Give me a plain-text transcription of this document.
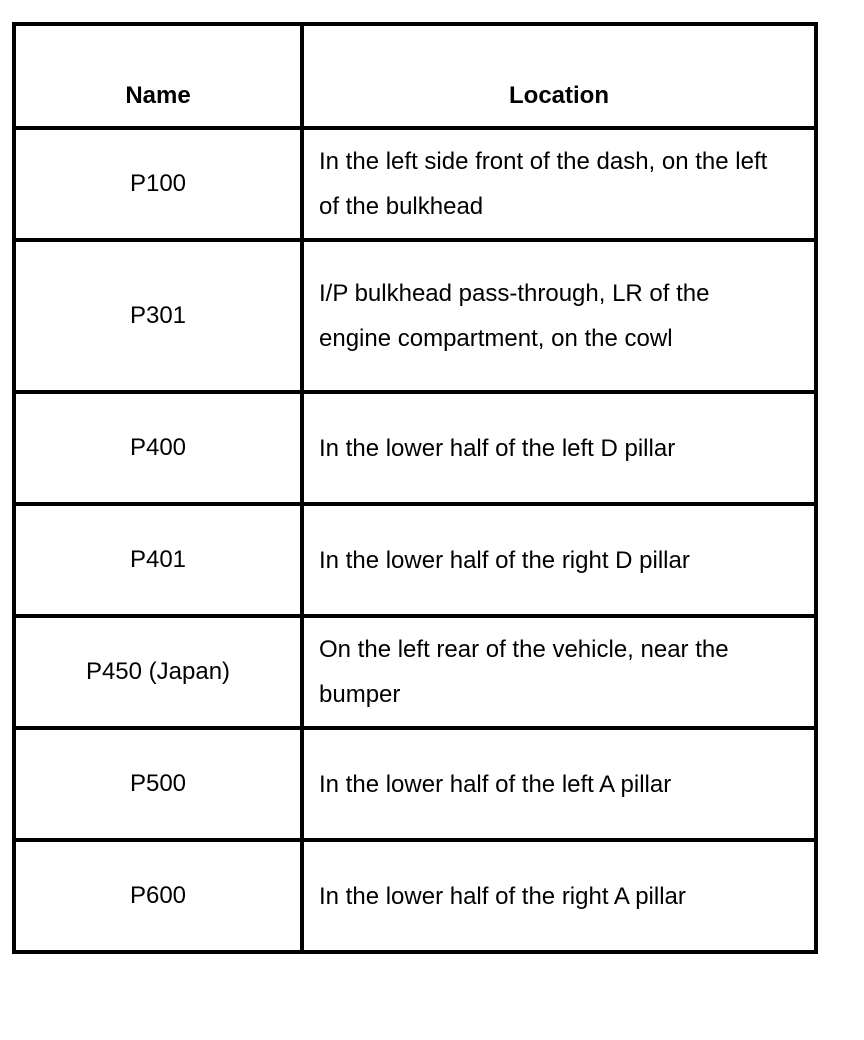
Name	Location
P100	In the left side front of the dash, on the left of the bulkhead
P301	I/P bulkhead pass-through, LR of the engine compartment, on the cowl
P400	In the lower half of the left D pillar
P401	In the lower half of the right D pillar
P450 (Japan)	On the left rear of the vehicle, near the bumper
P500	In the lower half of the left A pillar
P600	In the lower half of the right A pillar
